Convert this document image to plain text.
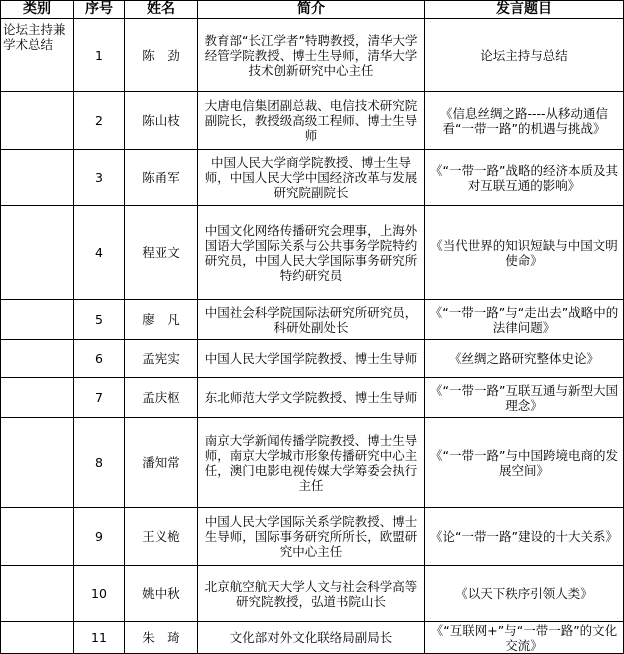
类别	序号	姓名	简介	发言题目
论坛主持兼学术总结	1	陈　劲	教育部“长江学者”特聘教授，清华大学经管学院教授、博士生导师，清华大学技术创新研究中心主任	论坛主持与总结
	2	陈山枝	大唐电信集团副总裁、电信技术研究院副院长，教授级高级工程师、博士生导师	《信息丝绸之路----从移动通信看“一带一路”的机遇与挑战》
	3	陈甬军	中国人民大学商学院教授、博士生导师，中国人民大学中国经济改革与发展研究院副院长	《“一带一路”战略的经济本质及其对互联互通的影响》
	4	程亚文	中国文化网络传播研究会理事，上海外国语大学国际关系与公共事务学院特约研究员，中国人民大学国际事务研究所特约研究员	《当代世界的知识短缺与中国文明使命》
	5	廖　凡	中国社会科学院国际法研究所研究员，科研处副处长	《“一带一路”与“走出去”战略中的法律问题》
	6	孟宪实	中国人民大学国学院教授、博士生导师	《丝绸之路研究整体史论》
	7	孟庆枢	东北师范大学文学院教授、博士生导师	《“一带一路”互联互通与新型大国理念》
	8	潘知常	南京大学新闻传播学院教授、博士生导师，南京大学城市形象传播研究中心主任，澳门电影电视传媒大学筹委会执行主任	《“一带一路”与中国跨境电商的发展空间》
	9	王义桅	中国人民大学国际关系学院教授、博士生导师，国际事务研究所所长，欧盟研究中心主任	《论“一带一路”建设的十大关系》
	10	姚中秋	北京航空航天大学人文与社会科学高等研究院教授，弘道书院山长	《以天下秩序引领人类》
	11	朱　琦	文化部对外文化联络局副局长	《“互联网+”与“一带一路”的文化交流》
